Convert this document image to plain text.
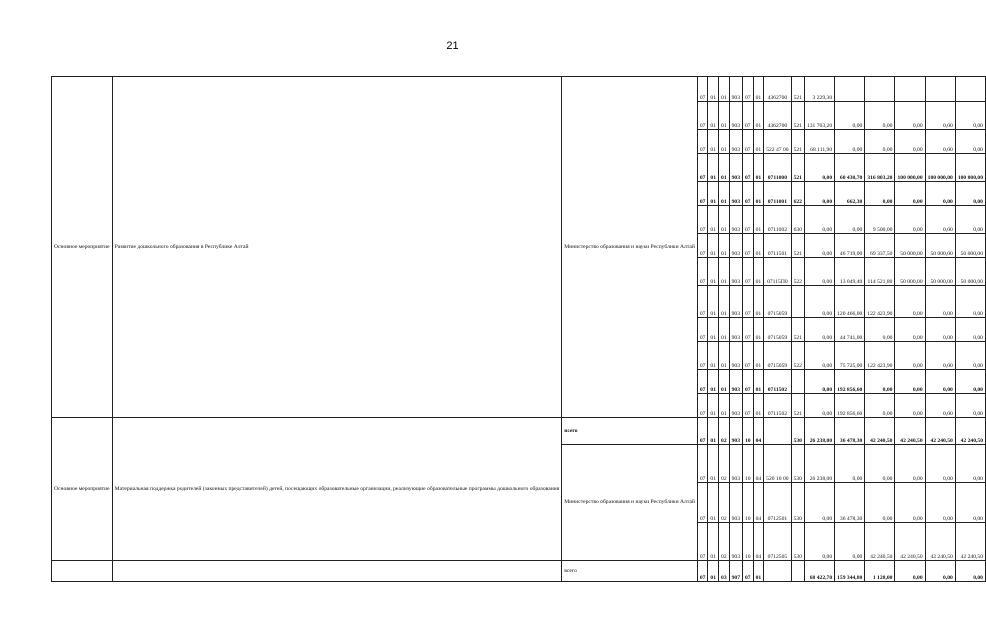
21
Основное мероприятие	Развитие дошкольного образования в Республике Алтай	Министерство образования и науки Республики Алтай	07	01	01	903	07	01	4362700	521	3 229,30					
			07	01	01	903	07	01	4362700	521	131 703,20	0,00	0,00	0,00	0,00	0,00
			07	01	01	903	07	01	522 47 00	521	68 111,90	0,00	0,00	0,00	0,00	0,00
			07	01	01	903	07	01	0711000	521	0,00	60 430,70	316 803,20	100 000,00	100 000,00	100 000,00
			07	01	01	903	07	01	0711001	622	0,00	662,30	0,00	0,00	0,00	0,00
			07	01	01	903	07	01	0711002	630	0,00	0,00	9 500,00	0,00	0,00	0,00
			07	01	01	903	07	01	0711501	521	0,00	46 719,00	69 337,50	50 000,00	50 000,00	50 000,00
			07	01	01	903	07	01	07115П0	522	0,00	13 049,40	114 521,80	50 000,00	50 000,00	50 000,00
			07	01	01	903	07	01	0715059		0,00	120 466,00	122 423,90	0,00	0,00	0,00
			07	01	01	903	07	01	0715059	521	0,00	44 741,00	0,00	0,00	0,00	0,00
			07	01	01	903	07	01	0715059	522	0,00	75 725,00	122 423,90	0,00	0,00	0,00
			07	01	01	903	07	01	0711502		0,00	192 856,60	0,00	0,00	0,00	0,00
			07	01	01	903	07	01	0711502	521	0,00	192 856,60	0,00	0,00	0,00	0,00
Основное мероприятие	Материальная поддержка родителей (законных представителей) детей, посещающих образовательные организации, реализующие образовательные программы дошкольного образования	всего	07	01	02	903	10	04		530	26 238,00	36 478,30	42 240,50	42 240,50	42 240,50	42 240,50
		Министерство образования и науки Республики Алтай	07	01	02	903	10	04	520 10 00	530	26 238,00	0,00	0,00	0,00	0,00	0,00
			07	01	02	903	10	04	0712501	530	0,00	36 478,30	0,00	0,00	0,00	0,00
			07	01	02	903	10	04	0712505	530	0,00	0,00	42 240,50	42 240,50	42 240,50	42 240,50
		всего	07	01	03	907	07	01			68 422,70	159 344,80	1 128,00	0,00	0,00	0,00
